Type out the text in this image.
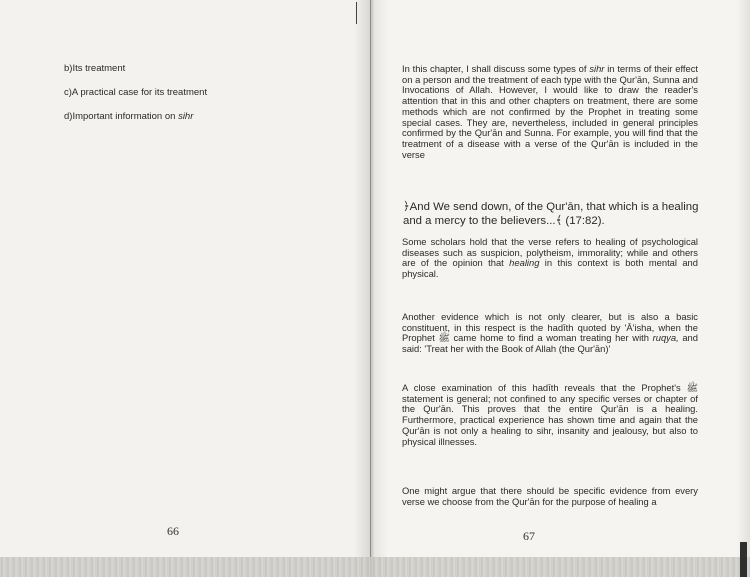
b)Its treatment

c)A practical case for its treatment

d)Important information on sihr

66

In this chapter, I shall discuss some types of sihr in terms of their effect on a person and the treatment of each type with the Qur'ān, Sunna and Invocations of Allah. However, I would like to draw the reader's attention that in this and other chapters on treatment, there are some methods which are not confirmed by the Prophet in treating some special cases. They are, nevertheless, included in general principles confirmed by the Qur'ān and Sunna. For example, you will find that the treatment of a disease with a verse of the Qur'ān is included in the verse

﴿And We send down, of the Qur'ān, that which is a healing and a mercy to the believers...﴾ (17:82).

Some scholars hold that the verse refers to healing of psychological diseases such as suspicion, polytheism, immorality; while and others are of the opinion that healing in this context is both mental and physical.

Another evidence which is not only clearer, but is also a basic constituent, in this respect is the hadīth quoted by 'Ā'isha, when the Prophet ﷺ came home to find a woman treating her with ruqya, and said: 'Treat her with the Book of Allah (the Qur'ān)'

A close examination of this hadīth reveals that the Prophet's ﷺ statement is general; not confined to any specific verses or chapter of the Qur'ān. This proves that the entire Qur'ān is a healing. Furthermore, practical experience has shown time and again that the Qur'ān is not only a healing to sihr, insanity and jealousy, but also to physical illnesses.
One might argue that there should be specific evidence from every verse we choose from the Qur'ān for the purpose of healing a
67
